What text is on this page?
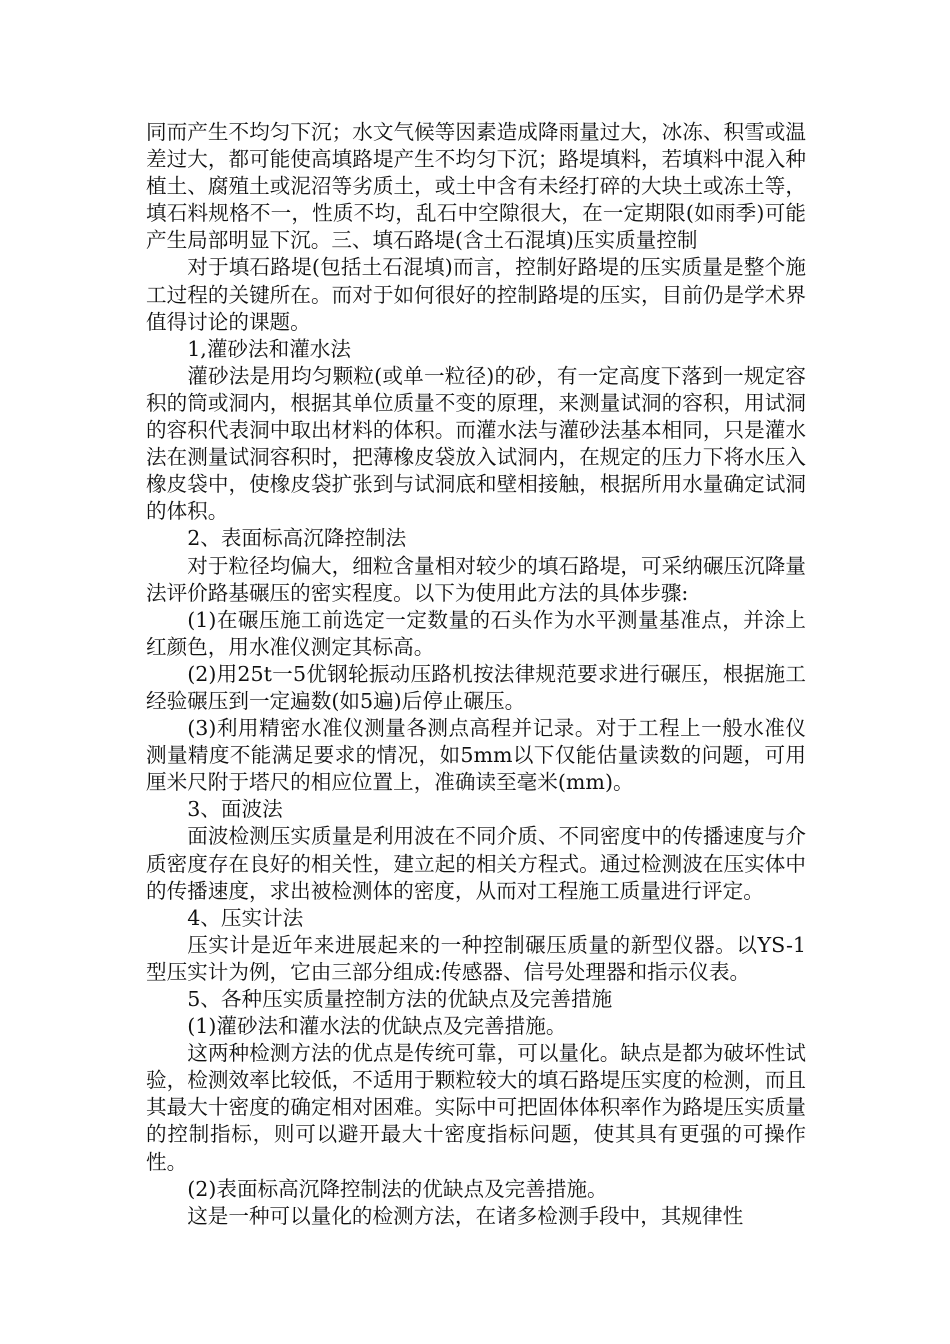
同而产生不均匀下沉；水文气候等因素造成降雨量过大，冰冻、积雪或温差过大，都可能使高填路堤产生不均匀下沉；路堤填料，若填料中混入种植土、腐殖土或泥沼等劣质土，或土中含有未经打碎的大块土或冻土等，填石料规格不一，性质不均，乱石中空隙很大，在一定期限(如雨季)可能产生局部明显下沉。三、填石路堤(含土石混填)压实质量控制

对于填石路堤(包括土石混填)而言，控制好路堤的压实质量是整个施工过程的关键所在。而对于如何很好的控制路堤的压实，目前仍是学术界值得讨论的课题。

1,灌砂法和灌水法

灌砂法是用均匀颗粒(或单一粒径)的砂，有一定高度下落到一规定容积的筒或洞内，根据其单位质量不变的原理，来测量试洞的容积，用试洞的容积代表洞中取出材料的体积。而灌水法与灌砂法基本相同，只是灌水法在测量试洞容积时，把薄橡皮袋放入试洞内，在规定的压力下将水压入橡皮袋中，使橡皮袋扩张到与试洞底和壁相接触，根据所用水量确定试洞的体积。

2、表面标高沉降控制法

对于粒径均偏大，细粒含量相对较少的填石路堤，可采纳碾压沉降量法评价路基碾压的密实程度。以下为使用此方法的具体步骤:

(1)在碾压施工前选定一定数量的石头作为水平测量基准点，并涂上红颜色，用水准仪测定其标高。

(2)用25t一5优钢轮振动压路机按法律规范要求进行碾压，根据施工经验碾压到一定遍数(如5遍)后停止碾压。

(3)利用精密水准仪测量各测点高程并记录。对于工程上一般水准仪测量精度不能满足要求的情况，如5mm以下仅能估量读数的问题，可用厘米尺附于塔尺的相应位置上，准确读至毫米(mm)。

3、面波法

面波检测压实质量是利用波在不同介质、不同密度中的传播速度与介质密度存在良好的相关性，建立起的相关方程式。通过检测波在压实体中的传播速度，求出被检测体的密度，从而对工程施工质量进行评定。

4、压实计法

压实计是近年来进展起来的一种控制碾压质量的新型仪器。以YS-1型压实计为例，它由三部分组成:传感器、信号处理器和指示仪表。

5、各种压实质量控制方法的优缺点及完善措施

(1)灌砂法和灌水法的优缺点及完善措施。

这两种检测方法的优点是传统可靠，可以量化。缺点是都为破坏性试验，检测效率比较低，不适用于颗粒较大的填石路堤压实度的检测，而且其最大十密度的确定相对困难。实际中可把固体体积率作为路堤压实质量的控制指标，则可以避开最大十密度指标问题，使其具有更强的可操作性。

(2)表面标高沉降控制法的优缺点及完善措施。

这是一种可以量化的检测方法，在诸多检测手段中，其规律性
